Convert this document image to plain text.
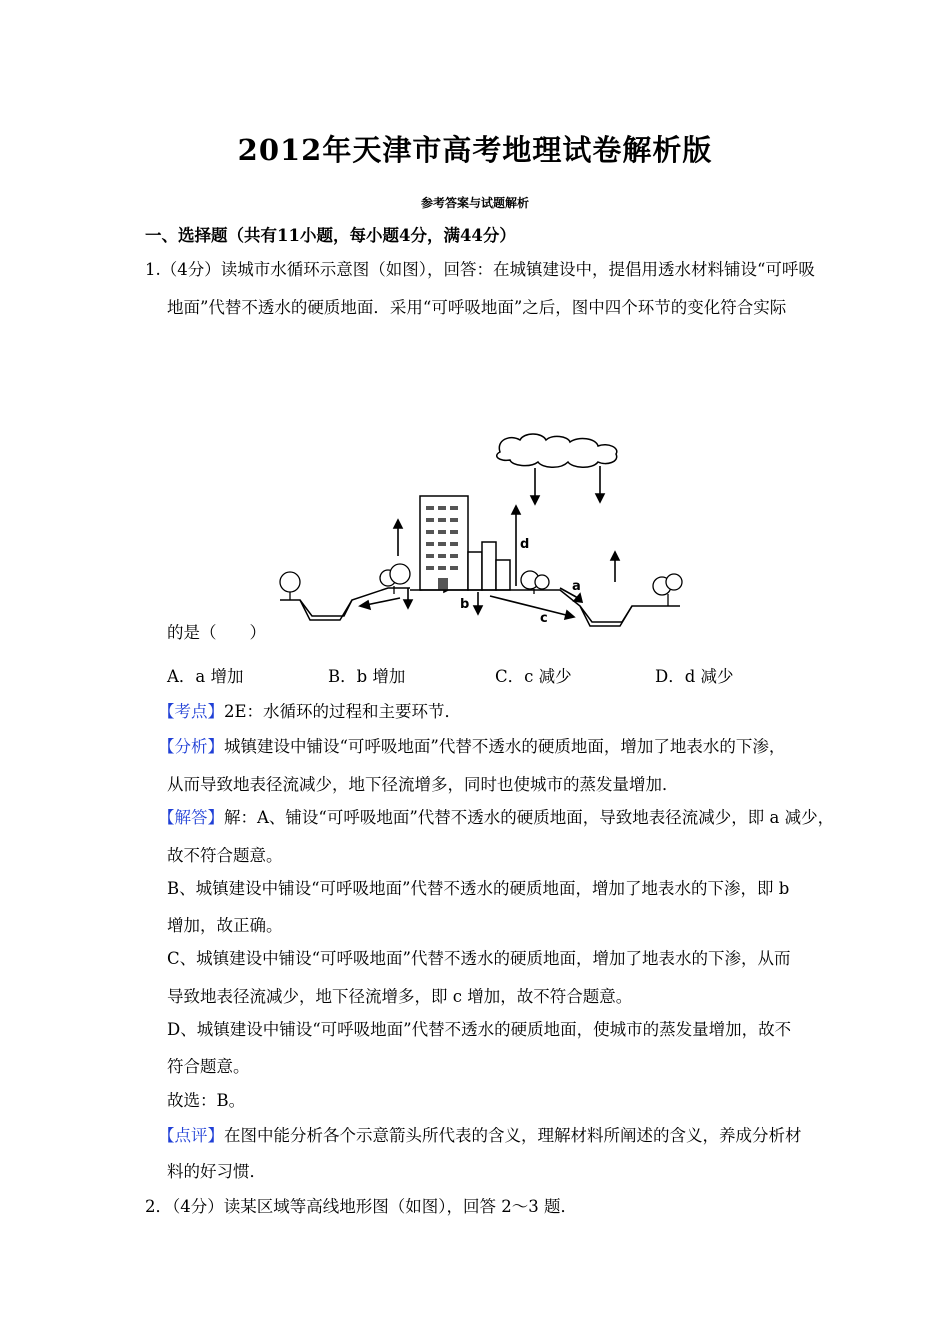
2012年天津市高考地理试卷解析版
参考答案与试题解析
一、选择题（共有11小题，每小题4分，满44分）
1.（4分）读城市水循环示意图（如图），回答：在城镇建设中，提倡用透水材料铺设“可呼吸
地面”代替不透水的硬质地面．采用“可呼吸地面”之后，图中四个环节的变化符合实际
a
b
c
d
的是（　　）
A．a 增加	B．b 增加	C．c 减少	D．d 减少
【考点】2E：水循环的过程和主要环节．
【分析】城镇建设中铺设“可呼吸地面”代替不透水的硬质地面，增加了地表水的下渗，
从而导致地表径流减少，地下径流增多，同时也使城市的蒸发量增加．
【解答】解：A、铺设“可呼吸地面”代替不透水的硬质地面，导致地表径流减少，即 a 减少，
故不符合题意。
B、城镇建设中铺设“可呼吸地面”代替不透水的硬质地面，增加了地表水的下渗，即 b
增加，故正确。
C、城镇建设中铺设“可呼吸地面”代替不透水的硬质地面，增加了地表水的下渗，从而
导致地表径流减少，地下径流增多，即 c 增加，故不符合题意。
D、城镇建设中铺设“可呼吸地面”代替不透水的硬质地面，使城市的蒸发量增加，故不
符合题意。
故选：B。
【点评】在图中能分析各个示意箭头所代表的含义，理解材料所阐述的含义，养成分析材
料的好习惯．
2．（4分）读某区域等高线地形图（如图），回答 2～3 题．
